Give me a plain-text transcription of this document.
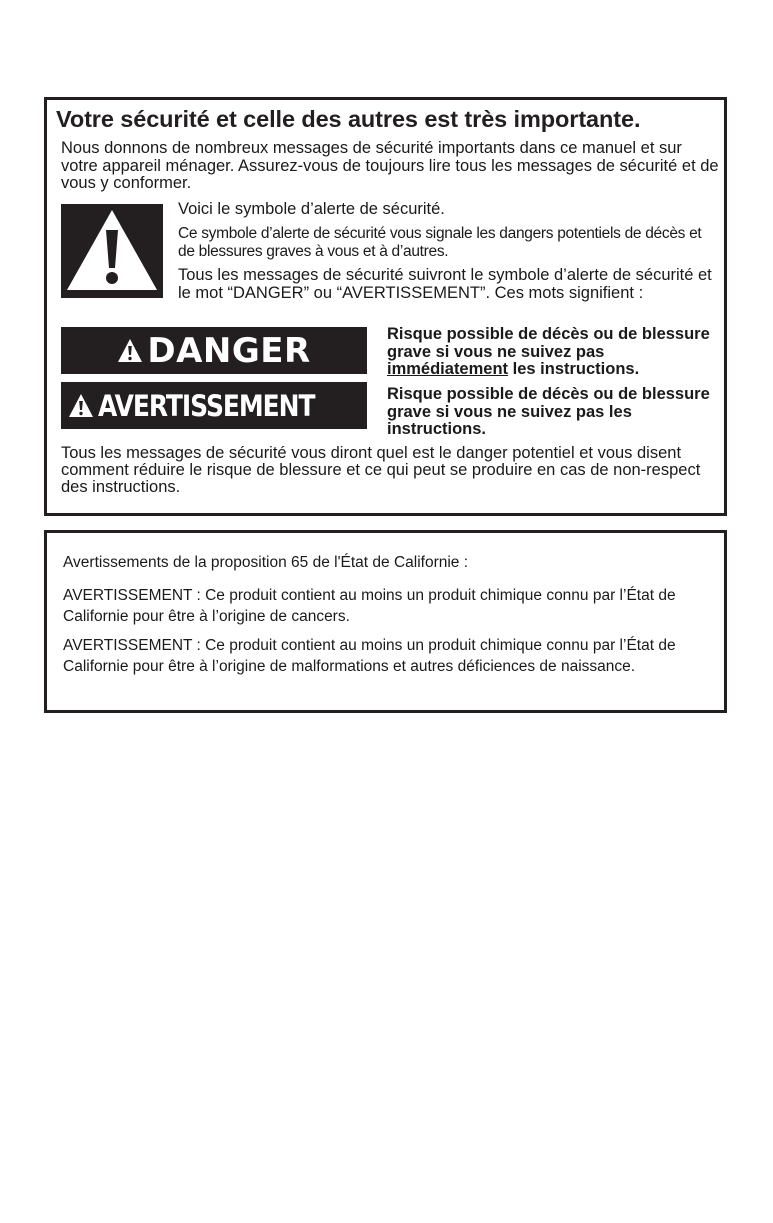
Votre sécurité et celle des autres est très importante.

Nous donnons de nombreux messages de sécurité importants dans ce manuel et sur votre appareil ménager. Assurez-vous de toujours lire tous les messages de sécurité et de vous y conformer.

Voici le symbole d’alerte de sécurité.

Ce symbole d’alerte de sécurité vous signale les dangers potentiels de décès et de blessures graves à vous et à d’autres.

Tous les messages de sécurité suivront le symbole d’alerte de sécurité et le mot “DANGER” ou “AVERTISSEMENT”. Ces mots signifient :

DANGER	Risque possible de décès ou de blessure grave si vous ne suivez pas immédiatement les instructions.

AVERTISSEMENT	Risque possible de décès ou de blessure grave si vous ne suivez pas les instructions.

Tous les messages de sécurité vous diront quel est le danger potentiel et vous disent comment réduire le risque de blessure et ce qui peut se produire en cas de non-respect des instructions.

Avertissements de la proposition 65 de l'État de Californie :

AVERTISSEMENT : Ce produit contient au moins un produit chimique connu par l’État de Californie pour être à l’origine de cancers.

AVERTISSEMENT : Ce produit contient au moins un produit chimique connu par l’État de Californie pour être à l’origine de malformations et autres déficiences de naissance.
